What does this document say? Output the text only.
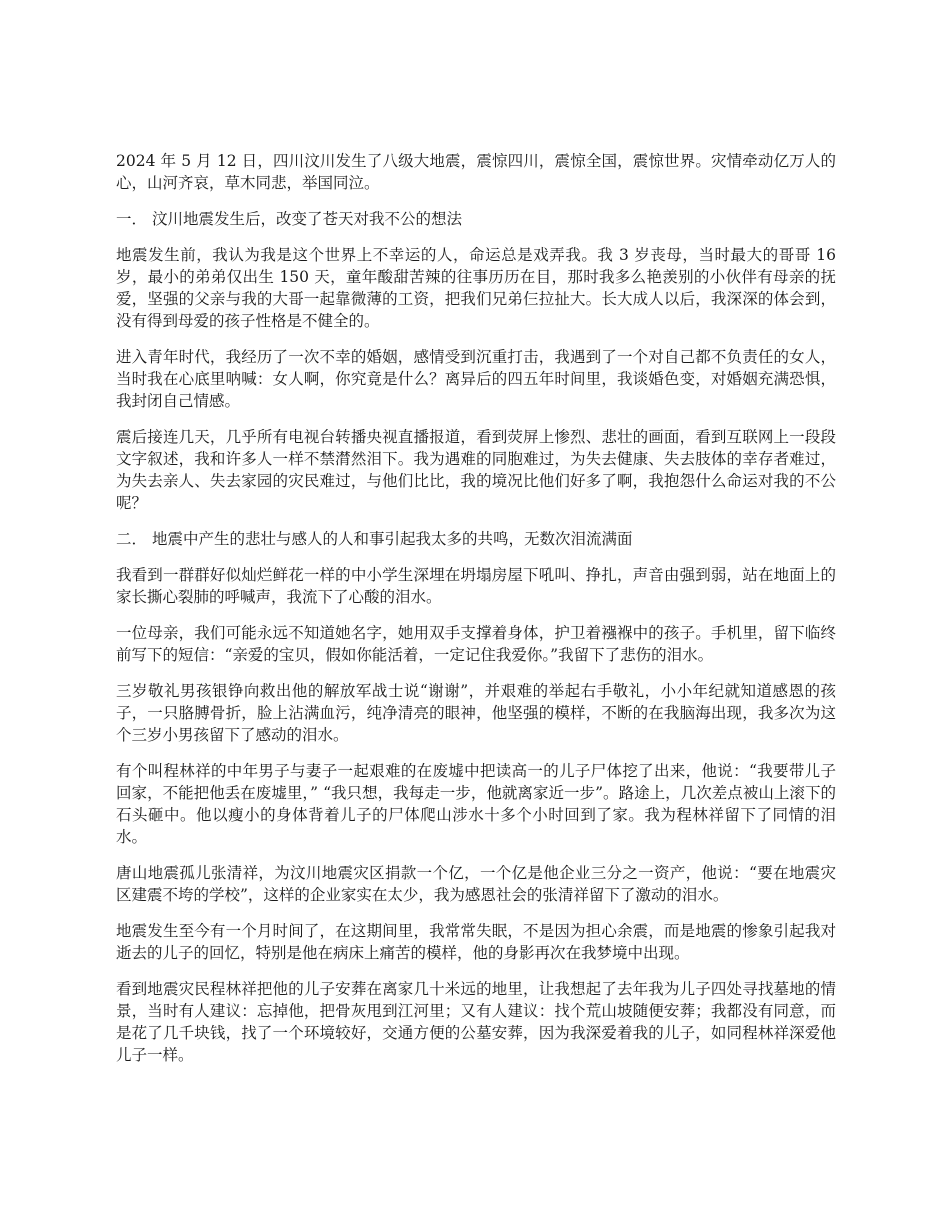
2024 年 5 月 12 日，四川汶川发生了八级大地震，震惊四川，震惊全国，震惊世界。灾情牵动亿万人的心，山河齐哀，草木同悲，举国同泣。

一． 汶川地震发生后，改变了苍天对我不公的想法

地震发生前，我认为我是这个世界上不幸运的人，命运总是戏弄我。我 3 岁丧母，当时最大的哥哥 16 岁，最小的弟弟仅出生 150 天，童年酸甜苦辣的往事历历在目，那时我多么艳羡别的小伙伴有母亲的抚爱，坚强的父亲与我的大哥一起靠微薄的工资，把我们兄弟仨拉扯大。长大成人以后，我深深的体会到，没有得到母爱的孩子性格是不健全的。

进入青年时代，我经历了一次不幸的婚姻，感情受到沉重打击，我遇到了一个对自己都不负责任的女人，当时我在心底里呐喊：女人啊，你究竟是什么？离异后的四五年时间里，我谈婚色变，对婚姻充满恐惧，我封闭自己情感。

震后接连几天，几乎所有电视台转播央视直播报道，看到荧屏上惨烈、悲壮的画面，看到互联网上一段段文字叙述，我和许多人一样不禁潸然泪下。我为遇难的同胞难过，为失去健康、失去肢体的幸存者难过，为失去亲人、失去家园的灾民难过，与他们比比，我的境况比他们好多了啊，我抱怨什么命运对我的不公呢？

二． 地震中产生的悲壮与感人的人和事引起我太多的共鸣，无数次泪流满面

我看到一群群好似灿烂鲜花一样的中小学生深埋在坍塌房屋下吼叫、挣扎，声音由强到弱，站在地面上的家长撕心裂肺的呼喊声，我流下了心酸的泪水。

一位母亲，我们可能永远不知道她名字，她用双手支撑着身体，护卫着襁褓中的孩子。手机里，留下临终前写下的短信：“亲爱的宝贝，假如你能活着，一定记住我爱你。”我留下了悲伤的泪水。

三岁敬礼男孩银铮向救出他的解放军战士说“谢谢”，并艰难的举起右手敬礼，小小年纪就知道感恩的孩子，一只胳膊骨折，脸上沾满血污，纯净清亮的眼神，他坚强的模样，不断的在我脑海出现，我多次为这个三岁小男孩留下了感动的泪水。

有个叫程林祥的中年男子与妻子一起艰难的在废墟中把读高一的儿子尸体挖了出来，他说：“我要带儿子回家，不能把他丢在废墟里，” “我只想，我每走一步，他就离家近一步”。路途上，几次差点被山上滚下的石头砸中。他以瘦小的身体背着儿子的尸体爬山涉水十多个小时回到了家。我为程林祥留下了同情的泪水。

唐山地震孤儿张清祥，为汶川地震灾区捐款一个亿，一个亿是他企业三分之一资产，他说：“要在地震灾区建震不垮的学校”，这样的企业家实在太少，我为感恩社会的张清祥留下了激动的泪水。

地震发生至今有一个月时间了，在这期间里，我常常失眠，不是因为担心余震，而是地震的惨象引起我对逝去的儿子的回忆，特别是他在病床上痛苦的模样，他的身影再次在我梦境中出现。

看到地震灾民程林祥把他的儿子安葬在离家几十米远的地里，让我想起了去年我为儿子四处寻找墓地的情景，当时有人建议：忘掉他，把骨灰甩到江河里；又有人建议：找个荒山坡随便安葬；我都没有同意，而是花了几千块钱，找了一个环境较好，交通方便的公墓安葬，因为我深爱着我的儿子，如同程林祥深爱他儿子一样。
